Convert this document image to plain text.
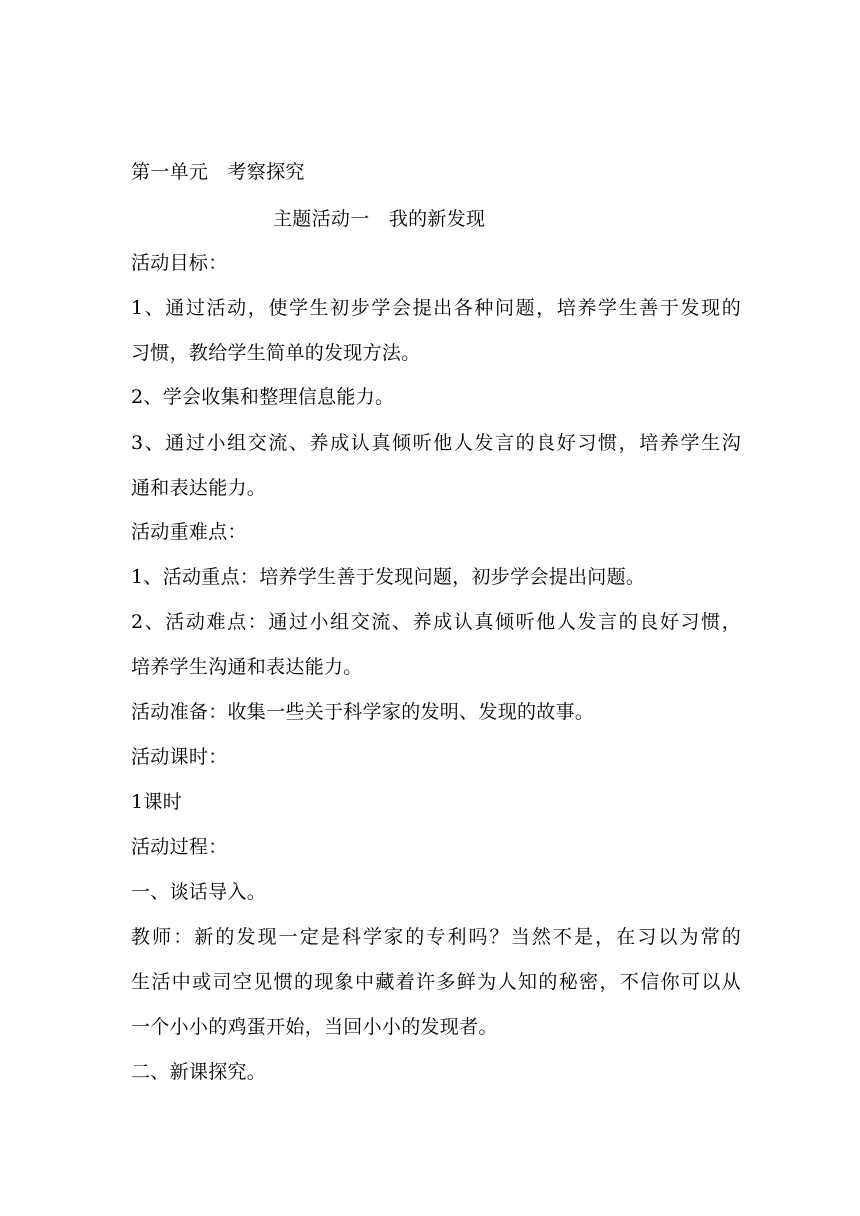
第一单元　考察探究
主题活动一　我的新发现
活动目标：
1、通过活动，使学生初步学会提出各种问题，培养学生善于发现的
习惯，教给学生简单的发现方法。
2、学会收集和整理信息能力。
3、通过小组交流、养成认真倾听他人发言的良好习惯，培养学生沟
通和表达能力。
活动重难点：
1、活动重点：培养学生善于发现问题，初步学会提出问题。
2、活动难点：通过小组交流、养成认真倾听他人发言的良好习惯，
培养学生沟通和表达能力。
活动准备：收集一些关于科学家的发明、发现的故事。
活动课时：
1课时
活动过程：
一、谈话导入。
教师：新的发现一定是科学家的专利吗？当然不是，在习以为常的
生活中或司空见惯的现象中藏着许多鲜为人知的秘密，不信你可以从
一个小小的鸡蛋开始，当回小小的发现者。
二、新课探究。
